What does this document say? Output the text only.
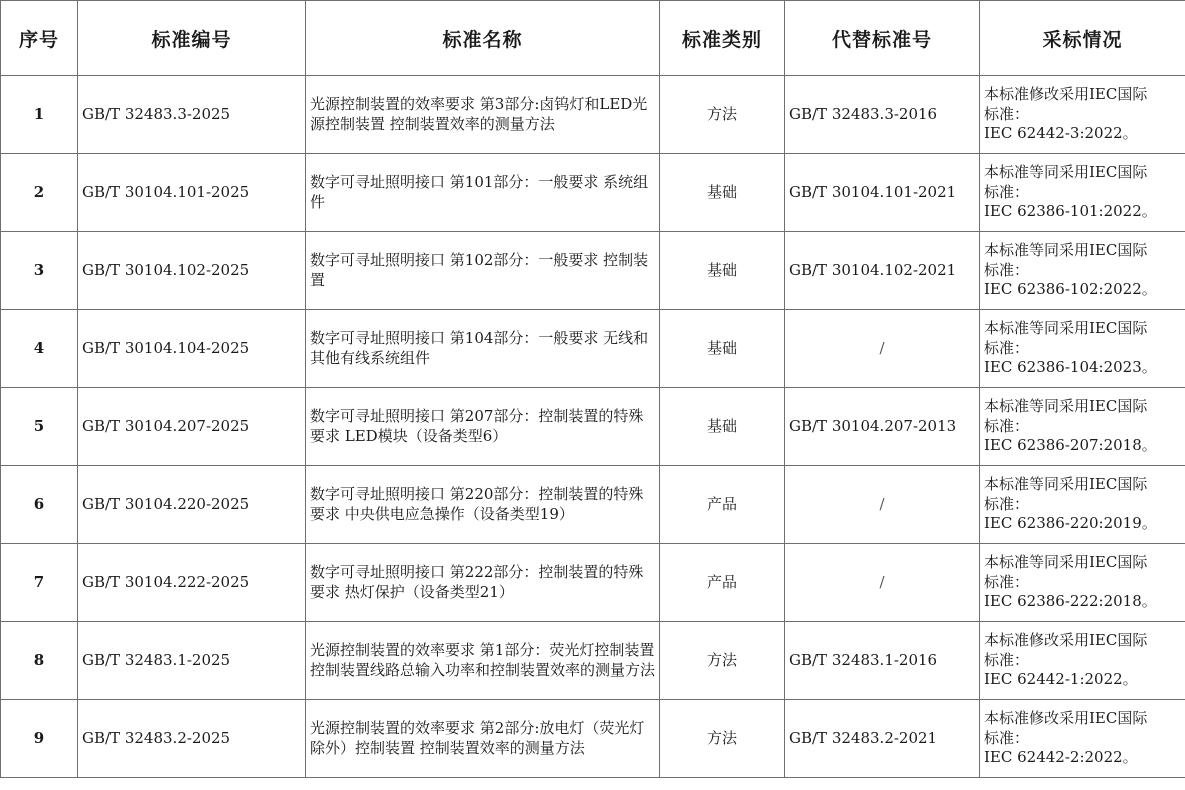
序号	标准编号	标准名称	标准类别	代替标准号	采标情况
1	GB/T 32483.3-2025	光源控制装置的效率要求 第3部分:卤钨灯和LED光源控制装置 控制装置效率的测量方法	方法	GB/T 32483.3-2016	本标准修改采用IEC国际
标准：
IEC 62442-3:2022。

2	GB/T 30104.101-2025	数字可寻址照明接口 第101部分：一般要求 系统组件	基础	GB/T 30104.101-2021	本标准等同采用IEC国际
标准：
IEC 62386-101:2022。

3	GB/T 30104.102-2025	数字可寻址照明接口 第102部分：一般要求 控制装置	基础	GB/T 30104.102-2021	本标准等同采用IEC国际
标准：
IEC 62386-102:2022。

4	GB/T 30104.104-2025	数字可寻址照明接口 第104部分：一般要求 无线和其他有线系统组件	基础	/	本标准等同采用IEC国际
标准：
IEC 62386-104:2023。

5	GB/T 30104.207-2025	数字可寻址照明接口 第207部分：控制装置的特殊要求 LED模块（设备类型6）	基础	GB/T 30104.207-2013	本标准等同采用IEC国际
标准：
IEC 62386-207:2018。

6	GB/T 30104.220-2025	数字可寻址照明接口 第220部分：控制装置的特殊要求 中央供电应急操作（设备类型19）	产品	/	本标准等同采用IEC国际
标准：
IEC 62386-220:2019。

7	GB/T 30104.222-2025	数字可寻址照明接口 第222部分：控制装置的特殊要求 热灯保护（设备类型21）	产品	/	本标准等同采用IEC国际
标准：
IEC 62386-222:2018。

8	GB/T 32483.1-2025	光源控制装置的效率要求 第1部分：荧光灯控制装置 控制装置线路总输入功率和控制装置效率的测量方法	方法	GB/T 32483.1-2016	本标准修改采用IEC国际
标准：
IEC 62442-1:2022。

9	GB/T 32483.2-2025	光源控制装置的效率要求 第2部分:放电灯（荧光灯除外）控制装置 控制装置效率的测量方法	方法	GB/T 32483.2-2021	本标准修改采用IEC国际
标准：
IEC 62442-2:2022。
